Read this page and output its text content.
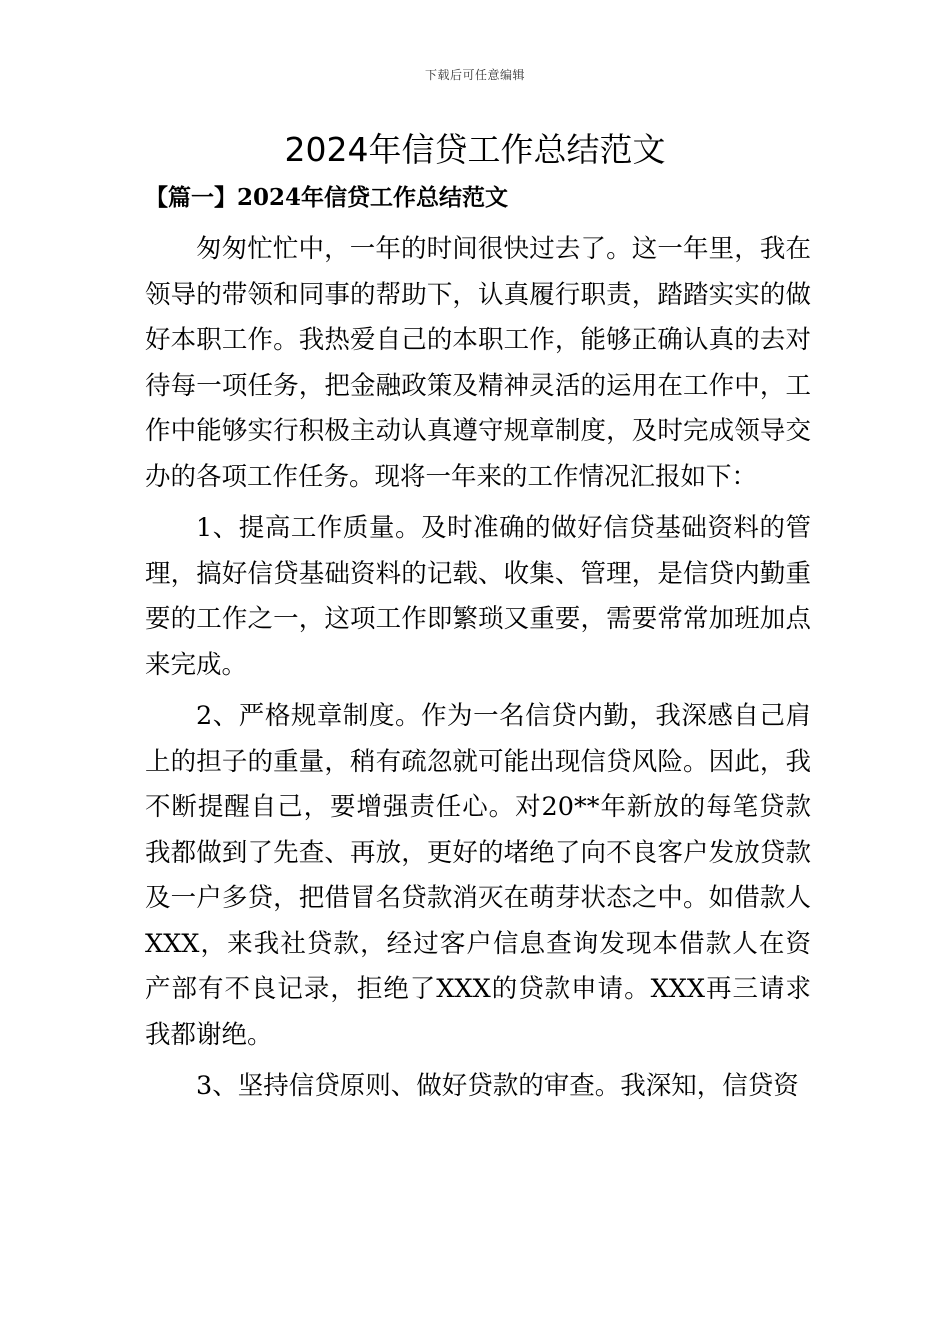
下载后可任意编辑
2024年信贷工作总结范文
【篇一】2024年信贷工作总结范文

匆匆忙忙中，一年的时间很快过去了。这一年里，我在领导的带领和同事的帮助下，认真履行职责，踏踏实实的做好本职工作。我热爱自己的本职工作，能够正确认真的去对待每一项任务，把金融政策及精神灵活的运用在工作中，工作中能够实行积极主动认真遵守规章制度，及时完成领导交办的各项工作任务。现将一年来的工作情况汇报如下：

1、提高工作质量。及时准确的做好信贷基础资料的管理，搞好信贷基础资料的记载、收集、管理，是信贷内勤重要的工作之一，这项工作即繁琐又重要，需要常常加班加点来完成。

2、严格规章制度。作为一名信贷内勤，我深感自己肩上的担子的重量，稍有疏忽就可能出现信贷风险。因此，我不断提醒自己，要增强责任心。对20**年新放的每笔贷款我都做到了先查、再放，更好的堵绝了向不良客户发放贷款及一户多贷，把借冒名贷款消灭在萌芽状态之中。如借款人XXX，来我社贷款，经过客户信息查询发现本借款人在资产部有不良记录，拒绝了XXX的贷款申请。XXX再三请求我都谢绝。

3、坚持信贷原则、做好贷款的审查。我深知，信贷资
